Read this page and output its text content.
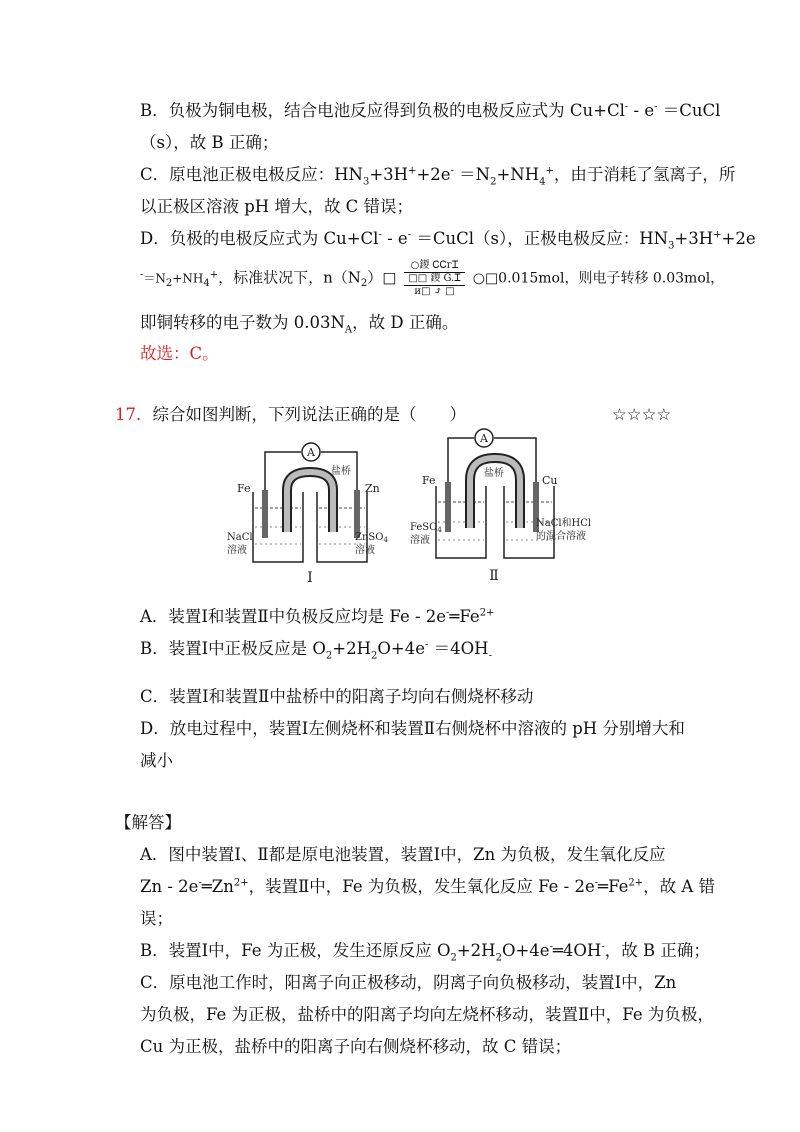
B．负极为铜电极，结合电池反应得到负极的电极反应式为 Cu+Cl- - e- ＝CuCl
（s），故 B 正确；
C．原电池正极电极反应：$HN_3+3H^++2e^- =N_2+NH_4^+$，由于消耗了氢离子，所
以正极区溶液 pH 增大，故 C 错误；
D．负极的电极反应式为 Cu+Cl- - e- ＝CuCl（s），正极电极反应：$HN_3+3H^++2e$
$^-=N_2+NH_4^+$，标准状况下，$n(N_2)□$
○鍐 ᏟᏟᴦᏆ
□□ 鍐 G.Ꮖ
и□ ⤴ □
○□0.015mol，则电子转移 0.03mol，
即铜转移的电子数为 $0.03N_A$，故 D 正确。
故选：C。
17．综合如图判断，下列说法正确的是（　　）	☆☆☆☆
A
盐桥
Fe	Zn
NaCl
溶液
ZnSO$_4$
溶液
Ⅰ
A
盐桥
Fe	Cu
FeSO$_4$
溶液
NaCl和HCl
的混合溶液
Ⅱ
A．装置Ⅰ和装置Ⅱ中负极反应均是 Fe - $2e^-═Fe^{2+}$
B．装置Ⅰ中正极反应是 $O_2+2H_2O+4e^- =4OH_-$
C．装置Ⅰ和装置Ⅱ中盐桥中的阳离子均向右侧烧杯移动
D．放电过程中，装置Ⅰ左侧烧杯和装置Ⅱ右侧烧杯中溶液的 pH 分别增大和
减小
【解答】
A．图中装置Ⅰ、Ⅱ都是原电池装置，装置Ⅰ中，Zn 为负极，发生氧化反应
Zn - $2e^-═Zn^{2+}$，装置Ⅱ中，Fe 为负极，发生氧化反应 Fe - $2e^-═Fe^{2+}$，故 A 错
误；
B．装置Ⅰ中，Fe 为正极，发生还原反应 $O_2+2H_2O+4e^-═4OH^-$，故 B 正确；
C．原电池工作时，阳离子向正极移动，阴离子向负极移动，装置Ⅰ中，Zn
为负极，Fe 为正极，盐桥中的阳离子均向左烧杯移动，装置Ⅱ中，Fe 为负极，
Cu 为正极，盐桥中的阳离子向右侧烧杯移动，故 C 错误；
